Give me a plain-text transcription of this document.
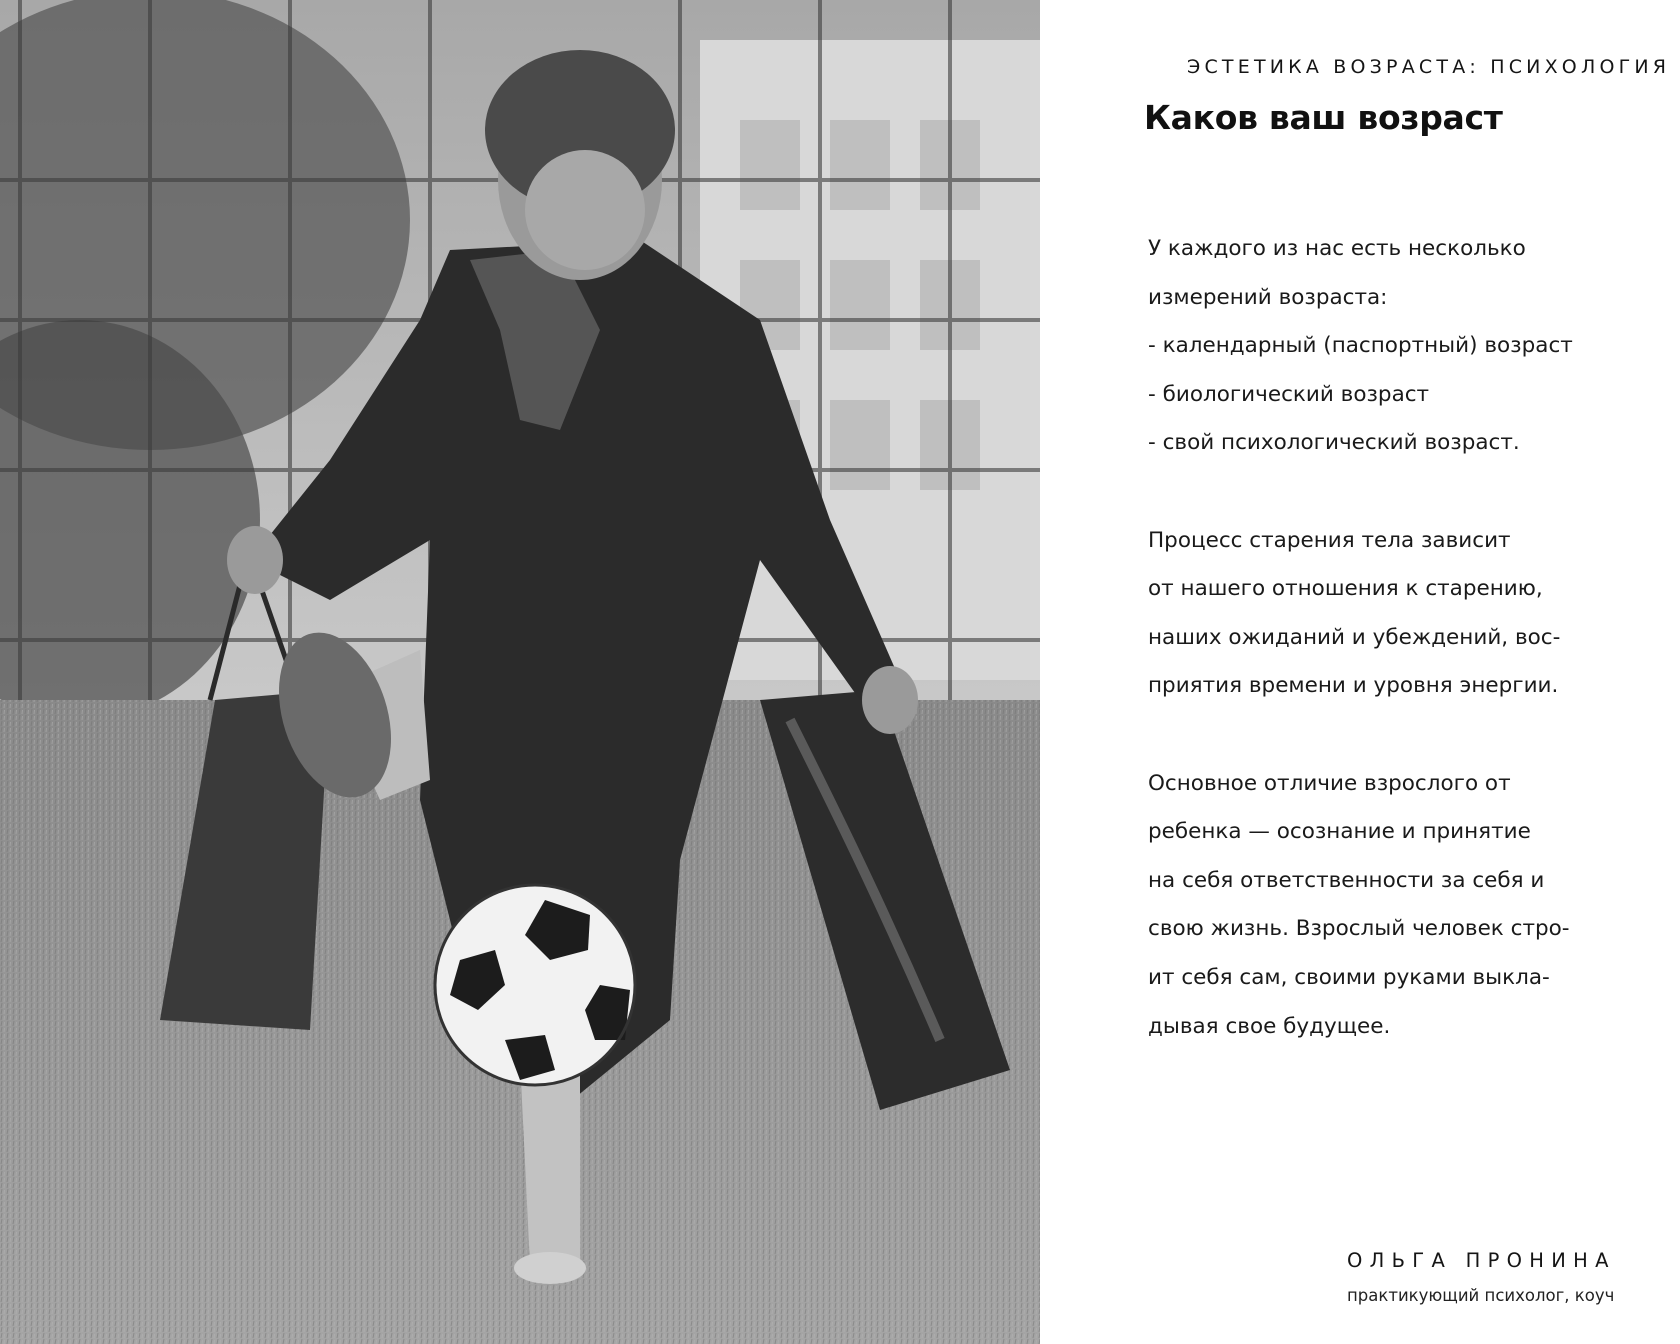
ЭСТЕТИКА ВОЗРАСТА: ПСИХОЛОГИЯ
Каков ваш возраст

У каждого из нас есть несколько
измерений возраста:
- календарный (паспортный) возраст
- биологический возраст
- свой психологический возраст.

Процесс старения тела зависит
от нашего отношения к старению,
наших ожиданий и убеждений, вос-
приятия времени и уровня энергии.

Основное отличие взрослого от
ребенка — осознание и принятие
на себя ответственности за себя и
свою жизнь. Взрослый человек стро-
ит себя сам, своими руками выкла-
дывая свое будущее.

ОЛЬГА ПРОНИНА
практикующий психолог, коуч
